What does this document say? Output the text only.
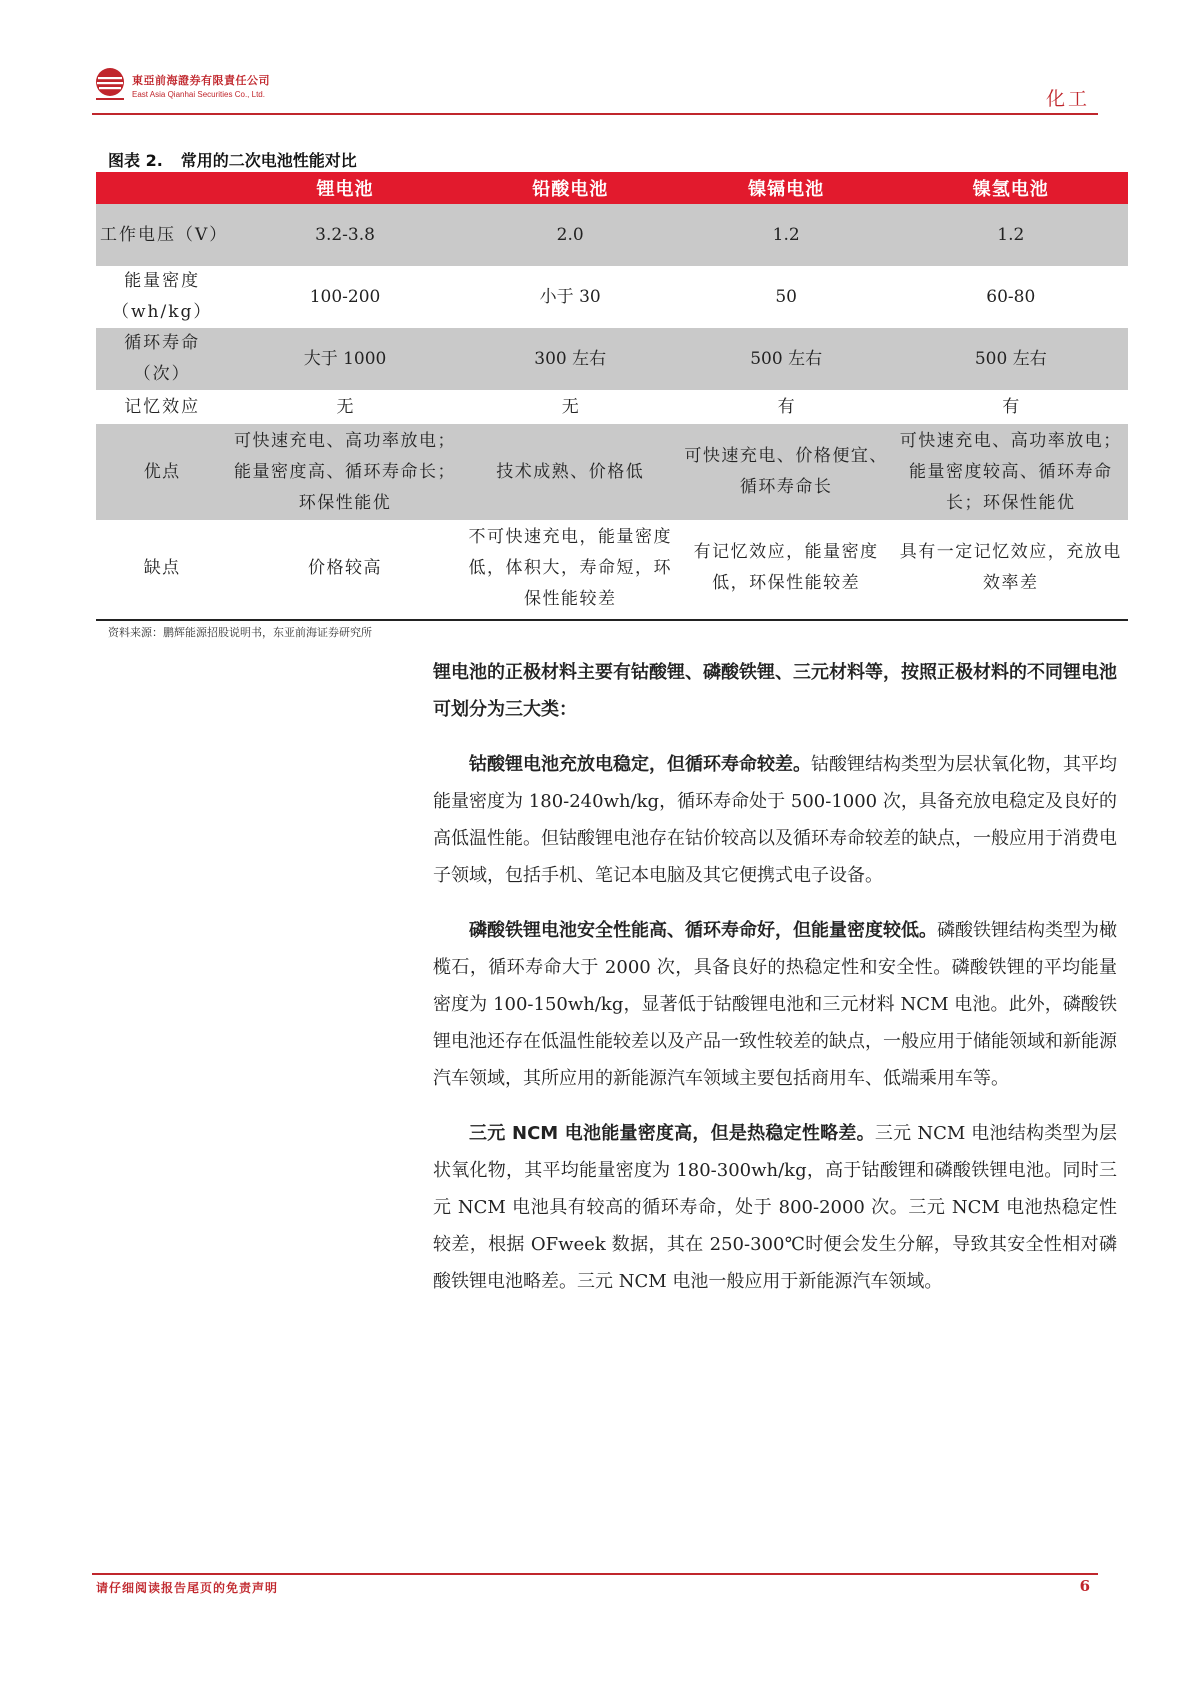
東亞前海證券有限責任公司
East Asia Qianhai Securities Co., Ltd.	化工
图表 2. 常用的二次电池性能对比
	锂电池	铅酸电池	镍镉电池	镍氢电池
工作电压（V）	3.2-3.8	2.0	1.2	1.2
能量密度（wh/kg）	100-200	小于 30	50	60-80
循环寿命（次）	大于 1000	300 左右	500 左右	500 左右
记忆效应	无	无	有	有
优点	可快速充电、高功率放电；能量密度高、循环寿命长；环保性能优	技术成熟、价格低	可快速充电、价格便宜、循环寿命长	可快速充电、高功率放电；能量密度较高、循环寿命长；环保性能优
缺点	价格较高	不可快速充电，能量密度低，体积大，寿命短，环保性能较差	有记忆效应，能量密度低，环保性能较差	具有一定记忆效应，充放电效率差
资料来源：鹏辉能源招股说明书，东亚前海证券研究所

锂电池的正极材料主要有钴酸锂、磷酸铁锂、三元材料等，按照正极材料的不同锂电池可划分为三大类：

钴酸锂电池充放电稳定，但循环寿命较差。钴酸锂结构类型为层状氧化物，其平均能量密度为 180-240wh/kg，循环寿命处于 500-1000 次，具备充放电稳定及良好的高低温性能。但钴酸锂电池存在钴价较高以及循环寿命较差的缺点，一般应用于消费电子领域，包括手机、笔记本电脑及其它便携式电子设备。

磷酸铁锂电池安全性能高、循环寿命好，但能量密度较低。磷酸铁锂结构类型为橄榄石，循环寿命大于 2000 次，具备良好的热稳定性和安全性。磷酸铁锂的平均能量密度为 100-150wh/kg，显著低于钴酸锂电池和三元材料 NCM 电池。此外，磷酸铁锂电池还存在低温性能较差以及产品一致性较差的缺点，一般应用于储能领域和新能源汽车领域，其所应用的新能源汽车领域主要包括商用车、低端乘用车等。

三元 NCM 电池能量密度高，但是热稳定性略差。三元 NCM 电池结构类型为层状氧化物，其平均能量密度为 180-300wh/kg，高于钴酸锂和磷酸铁锂电池。同时三元 NCM 电池具有较高的循环寿命，处于 800-2000 次。三元 NCM 电池热稳定性较差，根据 OFweek 数据，其在 250-300℃时便会发生分解，导致其安全性相对磷酸铁锂电池略差。三元 NCM 电池一般应用于新能源汽车领域。

请仔细阅读报告尾页的免责声明	6
